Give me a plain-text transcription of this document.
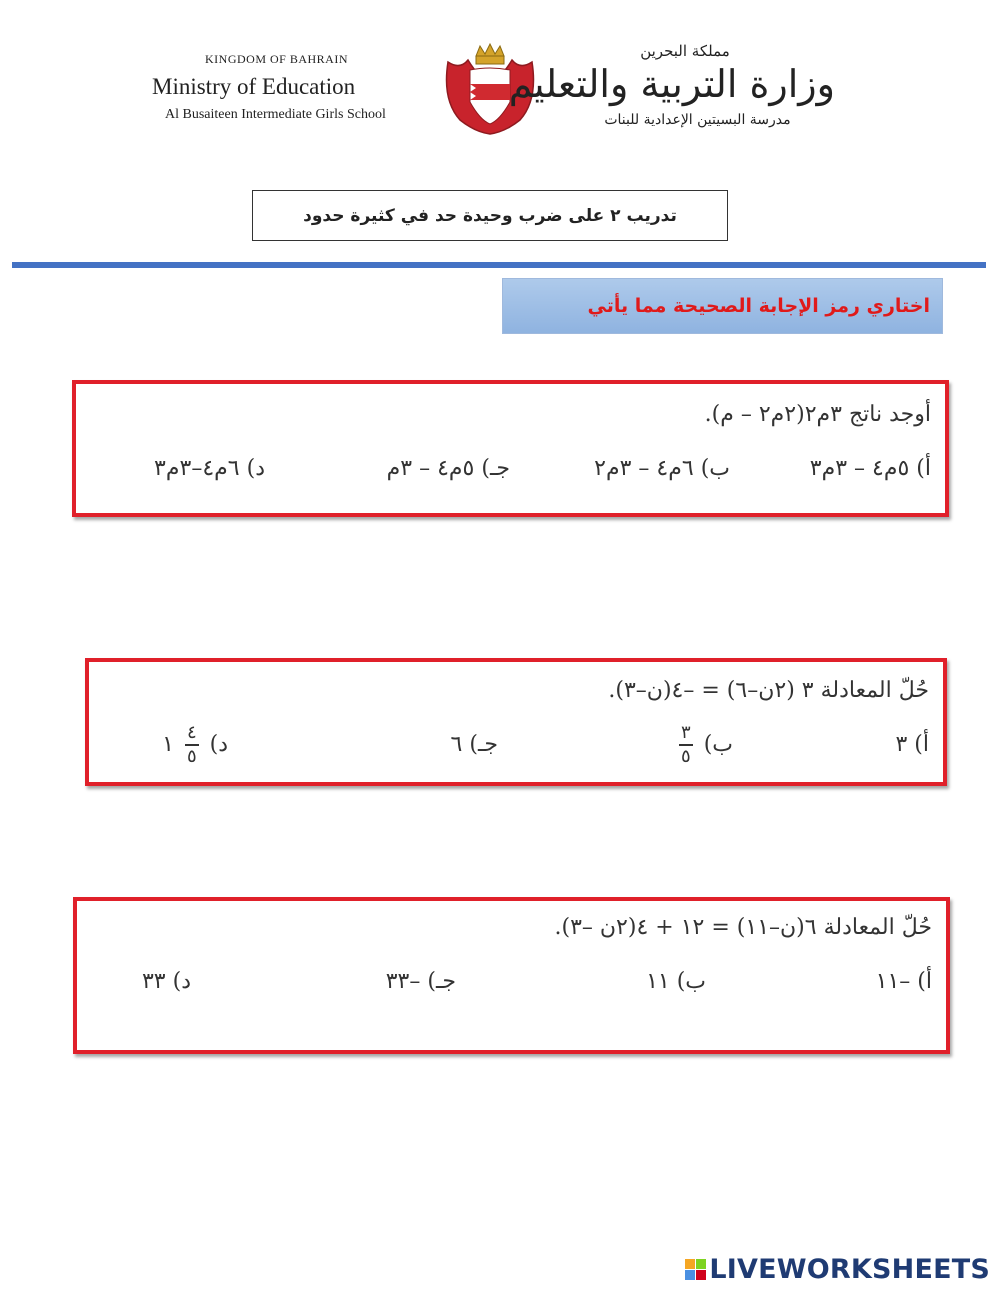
KINGDOM OF BAHRAIN
Ministry of Education
Al Busaiteen Intermediate Girls School
مملكة البحرين
وزارة التربية والتعليم
مدرسة البسيتين الإعدادية للبنات
تدريب ٢ على ضرب وحيدة حد في كثيرة حدود
اختاري رمز الإجابة الصحيحة مما يأتي
أوجد ناتج ٣م٢(٢م٢ – م).
أ) ٥م٤ – ٣م٣
ب) ٦م٤ – ٣م٢
جـ) ٥م٤ – ٣م
د) ٦م٤–٣م٣
حُلّ المعادلة ٣ (٢ن–٦) = –٤(ن–٣).
أ) ٣
ب)
$\frac{٣}{٥}$
جـ) ٦
د)
$\frac{٤}{٥}$
١
حُلّ المعادلة ٦(ن–١١) = ١٢ + ٤(٢ن –٣).
أ) –١١
ب) ١١
جـ) –٣٣
د) ٣٣
LIVEWORKSHEETS
